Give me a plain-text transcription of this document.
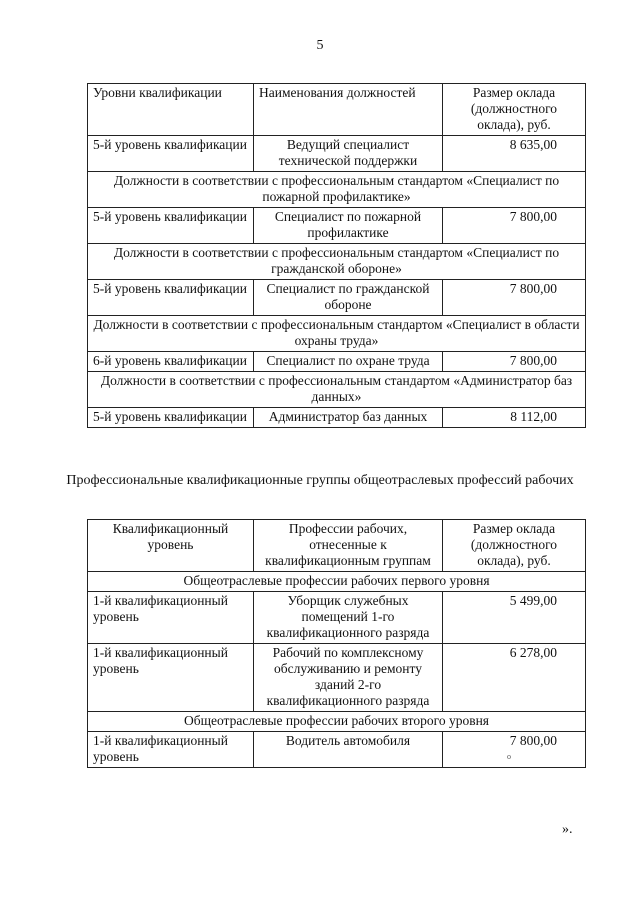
5
Уровни квалификации	Наименования должностей	Размер оклада (должностного оклада), руб.
5-й уровень квалификации	Ведущий специалист технической поддержки	8 635,00
Должности в соответствии с профессиональным стандартом «Специалист по пожарной профилактике»		
5-й уровень квалификации	Специалист по пожарной профилактике	7 800,00
Должности в соответствии с профессиональным стандартом «Специалист по гражданской обороне»		
5-й уровень квалификации	Специалист по гражданской обороне	7 800,00
Должности в соответствии с профессиональным стандартом «Специалист в области охраны труда»		
6-й уровень квалификации	Специалист по охране труда	7 800,00
Должности в соответствии с профессиональным стандартом «Администратор баз данных»		
5-й уровень квалификации	Администратор баз данных	8 112,00
Профессиональные квалификационные группы общеотраслевых профессий рабочих
Квалификационный уровень	Профессии рабочих, отнесенные к квалификационным группам	Размер оклада (должностного оклада), руб.
Общеотраслевые профессии рабочих первого уровня		
1-й квалификационный уровень	Уборщик служебных помещений 1-го квалификационного разряда	5 499,00
1-й квалификационный уровень	Рабочий по комплексному обслуживанию и ремонту зданий 2-го квалификационного разряда	6 278,00
Общеотраслевые профессии рабочих второго уровня		
1-й квалификационный уровень	Водитель автомобиля	7 800,00
о
».
